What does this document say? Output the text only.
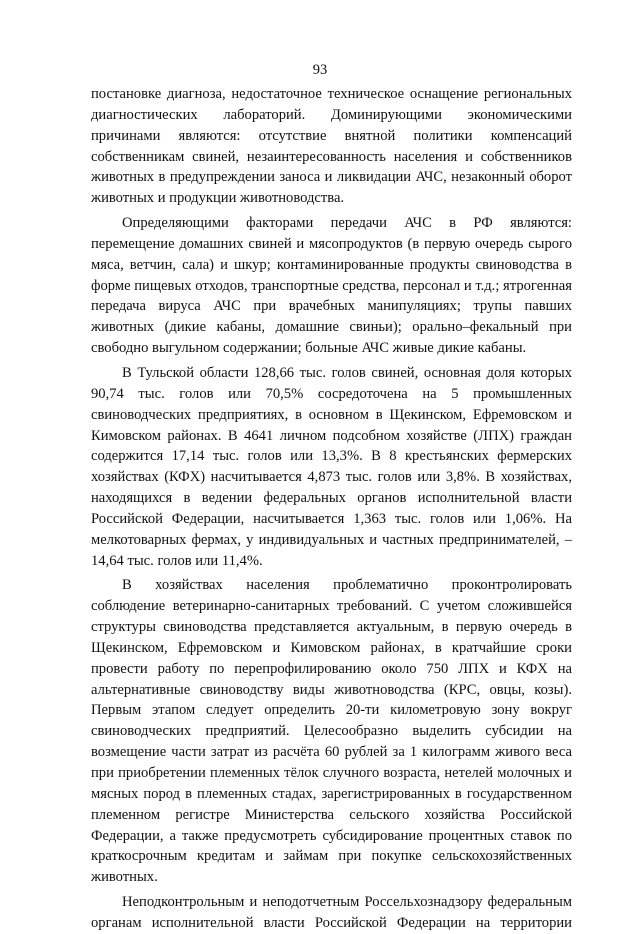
93
постановке диагноза, недостаточное техническое оснащение региональных
диагностических лабораторий. Доминирующими экономическими
причинами являются: отсутствие внятной политики компенсаций
собственникам свиней, незаинтересованность населения и собственников
животных в предупреждении заноса и ликвидации АЧС, незаконный оборот
животных и продукции животноводства.
Определяющими факторами передачи АЧС в РФ являются:
перемещение домашних свиней и мясопродуктов (в первую очередь сырого
мяса, ветчин, сала) и шкур; контаминированные продукты свиноводства в
форме пищевых отходов, транспортные средства, персонал и т.д.; ятрогенная
передача вируса АЧС при врачебных манипуляциях; трупы павших
животных (дикие кабаны, домашние свиньи); орально–фекальный при
свободно выгульном содержании; больные АЧС живые дикие кабаны.
В Тульской области 128,66 тыс. голов свиней, основная доля которых
90,74 тыс. голов или 70,5% сосредоточена на 5 промышленных
свиноводческих предприятиях, в основном в Щекинском, Ефремовском и
Кимовском районах. В 4641 личном подсобном хозяйстве (ЛПХ) граждан
содержится 17,14 тыс. голов или 13,3%. В 8 крестьянских фермерских
хозяйствах (КФХ) насчитывается 4,873 тыс. голов или 3,8%. В хозяйствах,
находящихся в ведении федеральных органов исполнительной власти
Российской Федерации, насчитывается 1,363 тыс. голов или 1,06%. На
мелкотоварных фермах, у индивидуальных и частных предпринимателей, –
14,64 тыс. голов или 11,4%.
В хозяйствах населения проблематично проконтролировать
соблюдение ветеринарно-санитарных требований. С учетом сложившейся
структуры свиноводства представляется актуальным, в первую очередь в
Щекинском, Ефремовском и Кимовском районах, в кратчайшие сроки
провести работу по перепрофилированию около 750 ЛПХ и КФХ на
альтернативные свиноводству виды животноводства (КРС, овцы, козы).
Первым этапом следует определить 20-ти километровую зону вокруг
свиноводческих предприятий. Целесообразно выделить субсидии на
возмещение части затрат из расчёта 60 рублей за 1 килограмм живого веса
при приобретении племенных тёлок случного возраста, нетелей молочных и
мясных пород в племенных стадах, зарегистрированных в государственном
племенном регистре Министерства сельского хозяйства Российской
Федерации, а также предусмотреть субсидирование процентных ставок по
краткосрочным кредитам и займам при покупке сельскохозяйственных
животных.
Неподконтрольным и неподотчетным Россельхознадзору федеральным
органам исполнительной власти Российской Федерации на территории
